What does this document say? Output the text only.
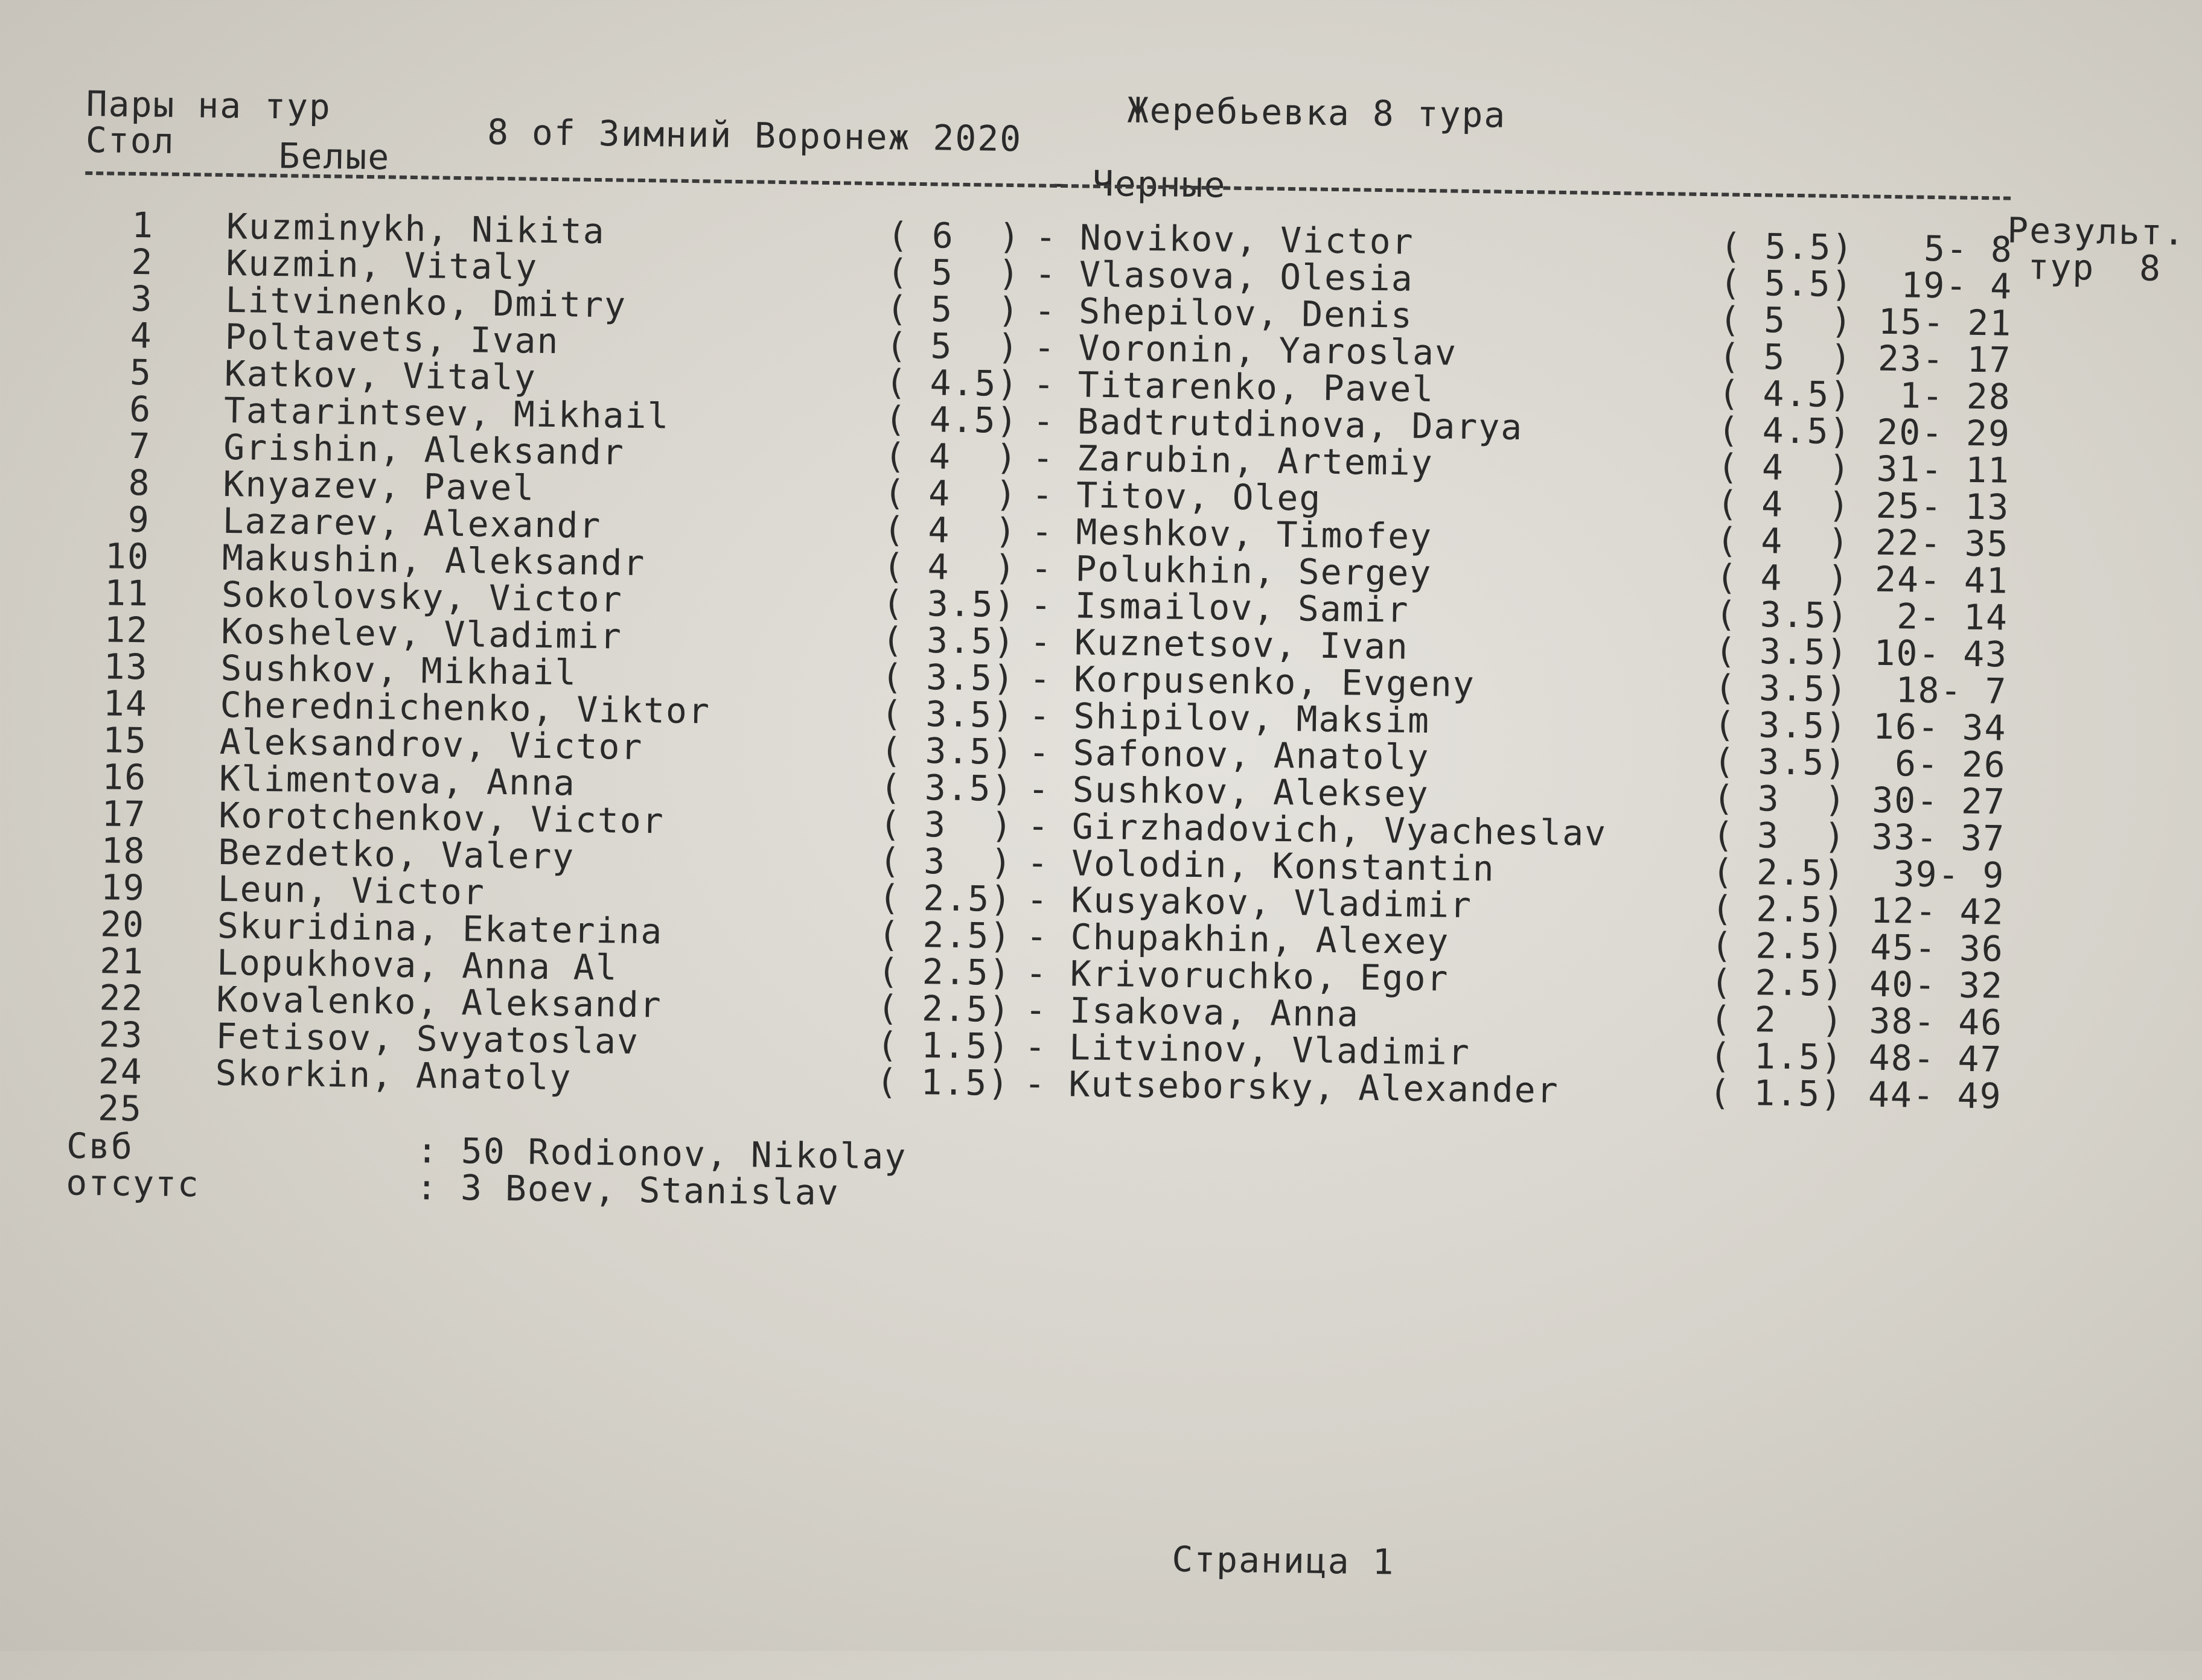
Пары на тур
Стол	Белые	8 of Зимний Воронеж 2020	Жеребьевка 8 тура
- Черные
Результ.
тур  8
1 Kuzminykh, Nikita	( 6  ) - Novikov, Victor	( 5.5)	5- 8
2 Kuzmin, Vitaly	( 5  ) - Vlasova, Olesia	( 5.5)	19- 4
3 Litvinenko, Dmitry	( 5  ) - Shepilov, Denis	( 5  ) 15- 21
4 Poltavets, Ivan	( 5  ) - Voronin, Yaroslav	( 5  ) 23- 17
5 Katkov, Vitaly	( 4.5) - Titarenko, Pavel	( 4.5)	1- 28
6 Tatarintsev, Mikhail	( 4.5) - Badtrutdinova, Darya	( 4.5) 20- 29
7 Grishin, Aleksandr	( 4  ) - Zarubin, Artemiy	( 4  ) 31- 11
8 Knyazev, Pavel	( 4  ) - Titov, Oleg	( 4  ) 25- 13
9 Lazarev, Alexandr	( 4  ) - Meshkov, Timofey	( 4  ) 22- 35
10 Makushin, Aleksandr	( 4  ) - Polukhin, Sergey	( 4  ) 24- 41
11 Sokolovsky, Victor	( 3.5) - Ismailov, Samir	( 3.5)	2- 14
12 Koshelev, Vladimir	( 3.5) - Kuznetsov, Ivan	( 3.5) 10- 43
13 Sushkov, Mikhail	( 3.5) - Korpusenko, Evgeny	( 3.5)	18- 7
14 Cherednichenko, Viktor	( 3.5) - Shipilov, Maksim	( 3.5) 16- 34
15 Aleksandrov, Victor	( 3.5) - Safonov, Anatoly	( 3.5)	6- 26
16 Klimentova, Anna	( 3.5) - Sushkov, Aleksey	( 3  ) 30- 27
17 Korotchenkov, Victor	( 3  ) - Girzhadovich, Vyacheslav	( 3  ) 33- 37
18 Bezdetko, Valery	( 3  ) - Volodin, Konstantin	( 2.5)	39- 9
19 Leun, Victor	( 2.5) - Kusyakov, Vladimir	( 2.5) 12- 42
20 Skuridina, Ekaterina	( 2.5) - Chupakhin, Alexey	( 2.5) 45- 36
21 Lopukhova, Anna Al	( 2.5) - Krivoruchko, Egor	( 2.5) 40- 32
22 Kovalenko, Aleksandr	( 2.5) - Isakova, Anna	( 2  ) 38- 46
23 Fetisov, Svyatoslav	( 1.5) - Litvinov, Vladimir	( 1.5) 48- 47
24 Skorkin, Anatoly	( 1.5) - Kutseborsky, Alexander	( 1.5) 44- 49
25
Свб	: 50 Rodionov, Nikolay
отсутс	: 3 Boev, Stanislav
Страница 1
